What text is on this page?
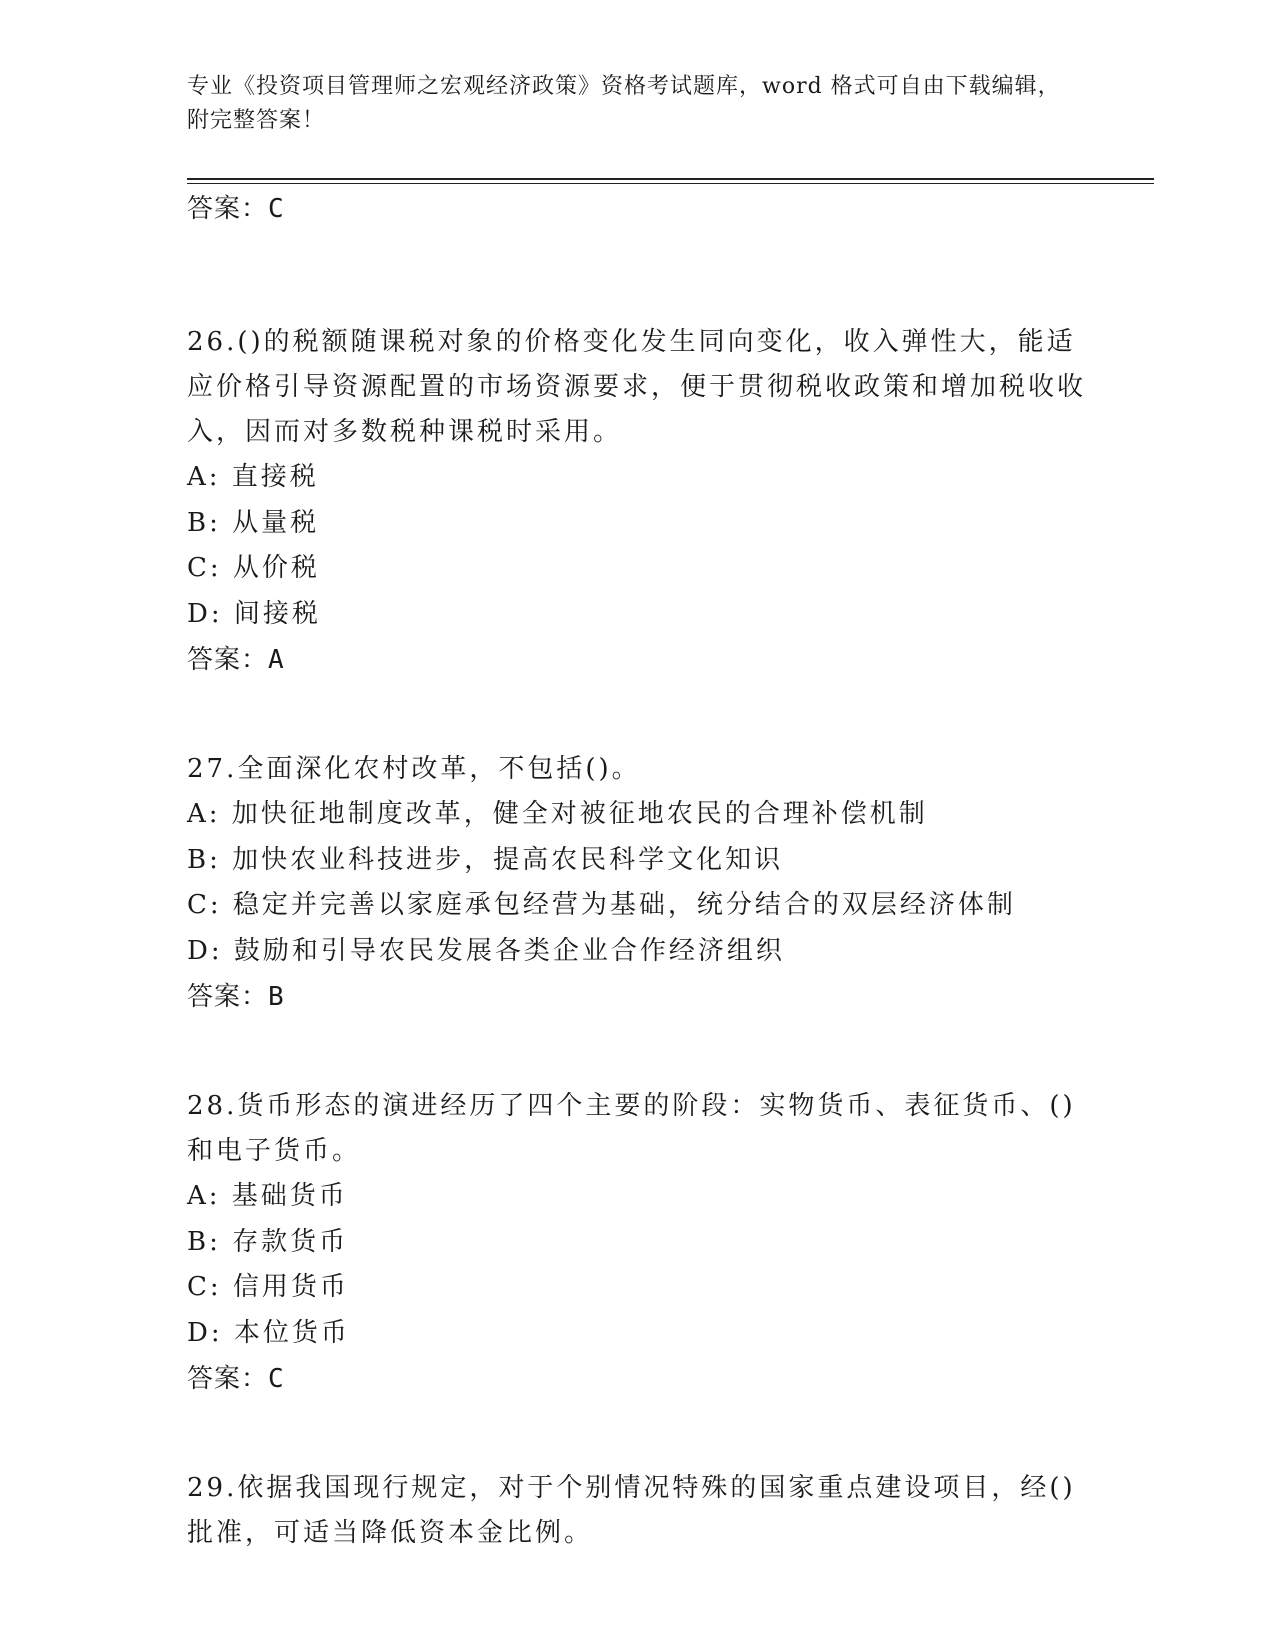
专业《投资项目管理师之宏观经济政策》资格考试题库，word 格式可自由下载编辑，附完整答案！
答案：C
26.()的税额随课税对象的价格变化发生同向变化，收入弹性大，能适应价格引导资源配置的市场资源要求，便于贯彻税收政策和增加税收收入，因而对多数税种课税时采用。
A: 直接税
B: 从量税
C: 从价税
D: 间接税
答案：A
27.全面深化农村改革，不包括()。
A: 加快征地制度改革，健全对被征地农民的合理补偿机制
B: 加快农业科技进步，提高农民科学文化知识
C: 稳定并完善以家庭承包经营为基础，统分结合的双层经济体制
D: 鼓励和引导农民发展各类企业合作经济组织
答案：B
28.货币形态的演进经历了四个主要的阶段：实物货币、表征货币、()和电子货币。
A: 基础货币
B: 存款货币
C: 信用货币
D: 本位货币
答案：C
29.依据我国现行规定，对于个别情况特殊的国家重点建设项目，经()批准，可适当降低资本金比例。
